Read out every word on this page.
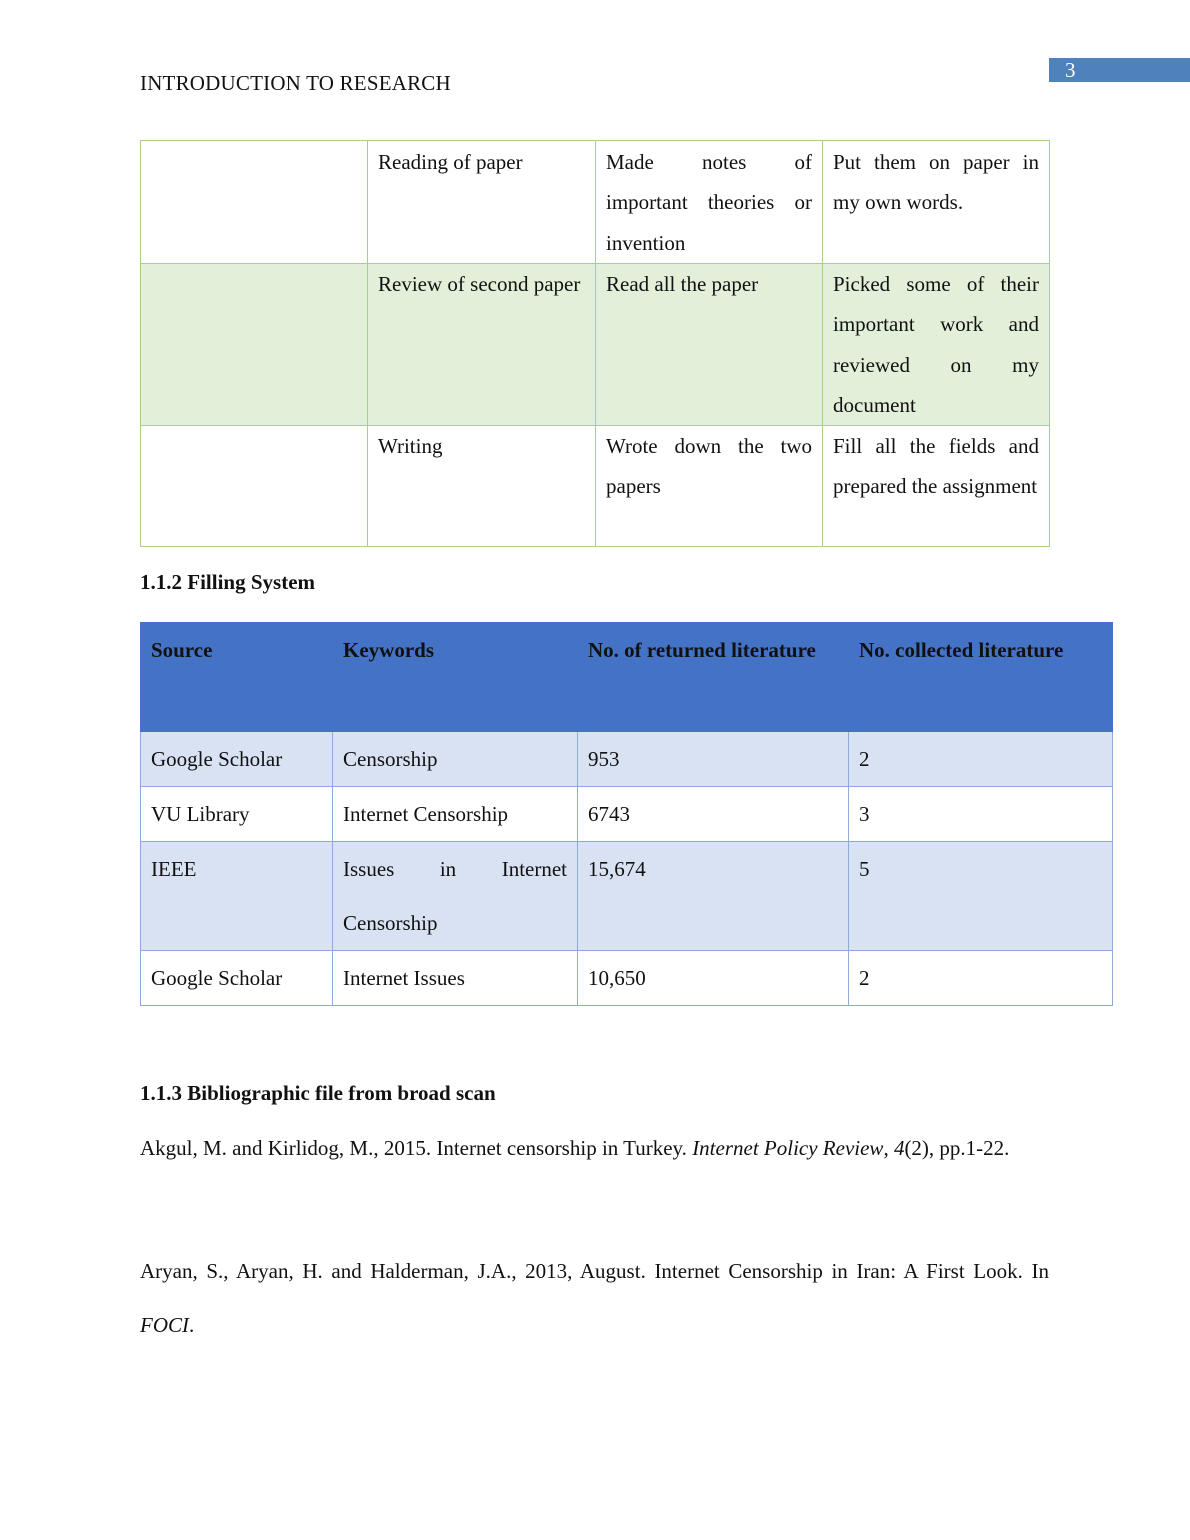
3
INTRODUCTION TO RESEARCH
	Reading of paper	Made notes of important theories or invention	Put them on paper in my own words.
	Review of second paper	Read all the paper	Picked some of their important work and reviewed on my document
	Writing	Wrote down the two papers	Fill all the fields and prepared the assignment
1.1.2 Filling System
Source	Keywords	No. of returned literature	No. collected literature
Google Scholar	Censorship	953	2
VU Library	Internet Censorship	6743	3
IEEE	Issues in Internet Censorship	15,674	5
Google Scholar	Internet Issues	10,650	2
1.1.3 Bibliographic file from broad scan
Akgul, M. and Kirlidog, M., 2015. Internet censorship in Turkey. Internet Policy Review, 4(2), pp.1-22.
Aryan, S., Aryan, H. and Halderman, J.A., 2013, August. Internet Censorship in Iran: A First Look. In FOCI.
